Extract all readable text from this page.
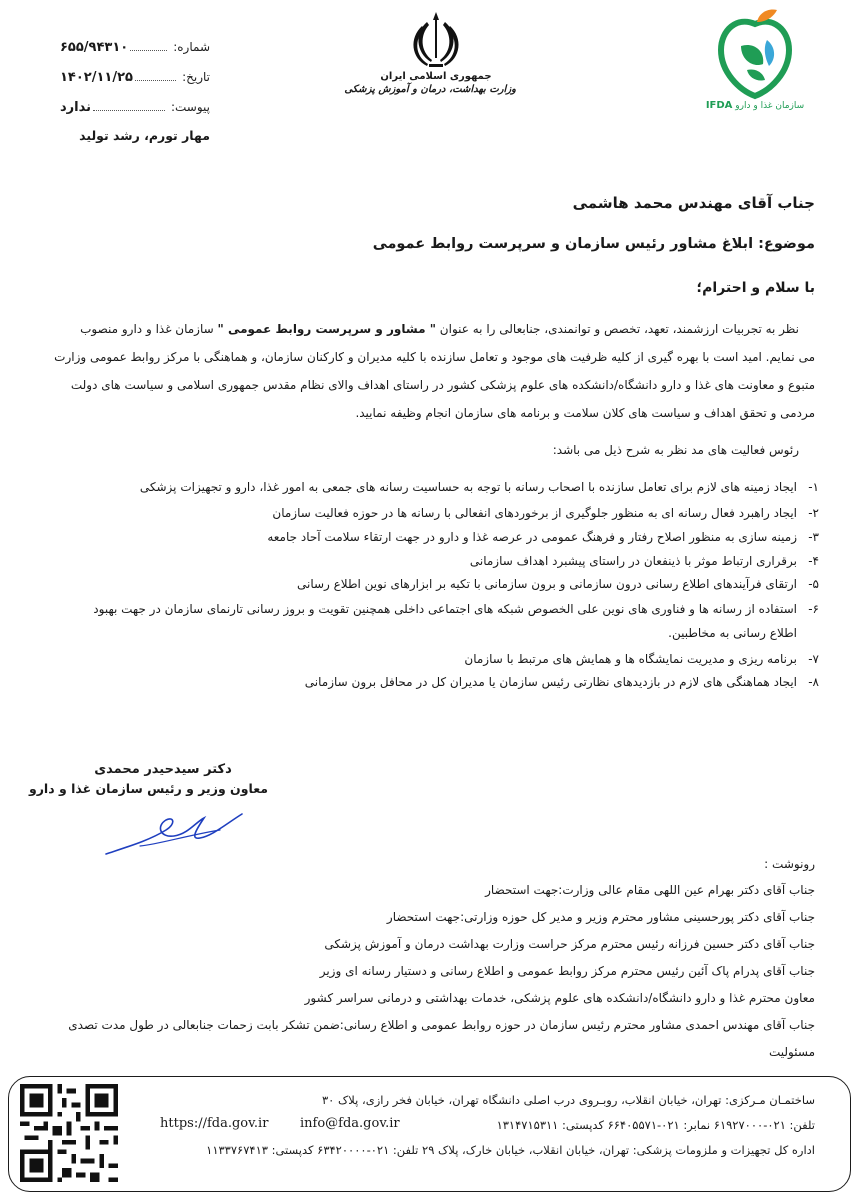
جمهوری اسلامی ایران
وزارت بهداشت، درمان و آموزش پزشکی
سازمان غذا و دارو IFDA
شماره:
۶۵۵/۹۴۳۱۰
تاریخ:
۱۴۰۲/۱۱/۲۵
پیوست:
ندارد
مهار تورم، رشد تولید
جناب آقای مهندس محمد هاشمی
موضوع: ابلاغ مشاور رئیس سازمان و سرپرست روابط عمومی
با سلام و احترام؛
نظر به تجربیات ارزشمند، تعهد، تخصص و توانمندی، جنابعالی را به عنوان " مشاور و سرپرست روابط عمومی " سازمان غذا و دارو منصوب
می نمایم. امید است با بهره گیری از کلیه ظرفیت های موجود و تعامل سازنده با کلیه مدیران و کارکنان سازمان، و هماهنگی با مرکز روابط عمومی وزارت
متبوع و معاونت های غذا و دارو دانشگاه/دانشکده های علوم پزشکی کشور در راستای اهداف والای نظام مقدس جمهوری اسلامی و سیاست های دولت
مردمی و تحقق اهداف و سیاست های کلان سلامت و برنامه های سازمان انجام وظیفه نمایید.
رئوس فعالیت های مد نظر به شرح ذیل می باشد:
۱-
ایجاد زمینه های لازم برای تعامل سازنده با اصحاب رسانه با توجه به حساسیت رسانه های جمعی به امور غذا، دارو و تجهیزات پزشکی
۲-
ایجاد راهبرد فعال رسانه ای به منظور جلوگیری از برخوردهای انفعالی با رسانه ها در حوزه فعالیت سازمان
۳-
زمینه سازی به منظور اصلاح رفتار و فرهنگ عمومی در عرصه غذا و دارو در جهت ارتقاء سلامت آحاد جامعه
۴-
برقراری ارتباط موثر با ذینفعان در راستای پیشبرد اهداف سازمانی
۵-
ارتقای فرآیندهای اطلاع رسانی درون سازمانی و برون سازمانی با تکیه بر ابزارهای نوین اطلاع رسانی
۶-
استفاده از رسانه ها و فناوری های نوین علی الخصوص شبکه های اجتماعی داخلی همچنین تقویت و بروز رسانی تارنمای سازمان در جهت بهبود
اطلاع رسانی به مخاطبین.
۷-
برنامه ریزی و مدیریت نمایشگاه ها و همایش های مرتبط با سازمان
۸-
ایجاد هماهنگی های لازم در بازدیدهای نظارتی رئیس سازمان یا مدیران کل در محافل برون سازمانی
دکتر سیدحیدر محمدی
معاون وزیر و رئیس سازمان غذا و دارو
رونوشت :
جناب آقای دکتر بهرام عین اللهی مقام عالی وزارت:جهت استحضار
جناب آقای دکتر پورحسینی مشاور محترم وزیر و مدیر کل حوزه وزارتی:جهت استحضار
جناب آقای دکتر حسین فرزانه رئیس محترم مرکز حراست وزارت بهداشت درمان و آموزش پزشکی
جناب آقای پدرام پاک آئین رئیس محترم مرکز روابط عمومی و اطلاع رسانی و دستیار رسانه ای وزیر
معاون محترم غذا و دارو دانشگاه/دانشکده های علوم پزشکی، خدمات بهداشتی و درمانی سراسر کشور
جناب آقای مهندس احمدی مشاور محترم رئیس سازمان در حوزه روابط عمومی و اطلاع رسانی:ضمن تشکر بابت زحمات جنابعالی در طول مدت تصدی
مسئولیت
ساختمـان مـرکزی: تهران، خیابان انقلاب، روبـروی درب اصلی دانشگاه تهران، خیابان فخر رازی، پلاک ۳۰
تلفن: ۰۲۱-۶۱۹۲۷۰۰۰ نمابر: ۰۲۱-۶۶۴۰۵۵۷۱ کدپستی: ۱۳۱۴۷۱۵۳۱۱
https://fda.gov.ir info@fda.gov.ir
اداره کل تجهیزات و ملزومات پزشکی: تهران، خیابان انقلاب، خیابان خارک، پلاک ۲۹ تلفن: ۰۲۱-۶۳۴۲۰۰۰۰ کدپستی: ۱۱۳۳۷۶۷۴۱۳
